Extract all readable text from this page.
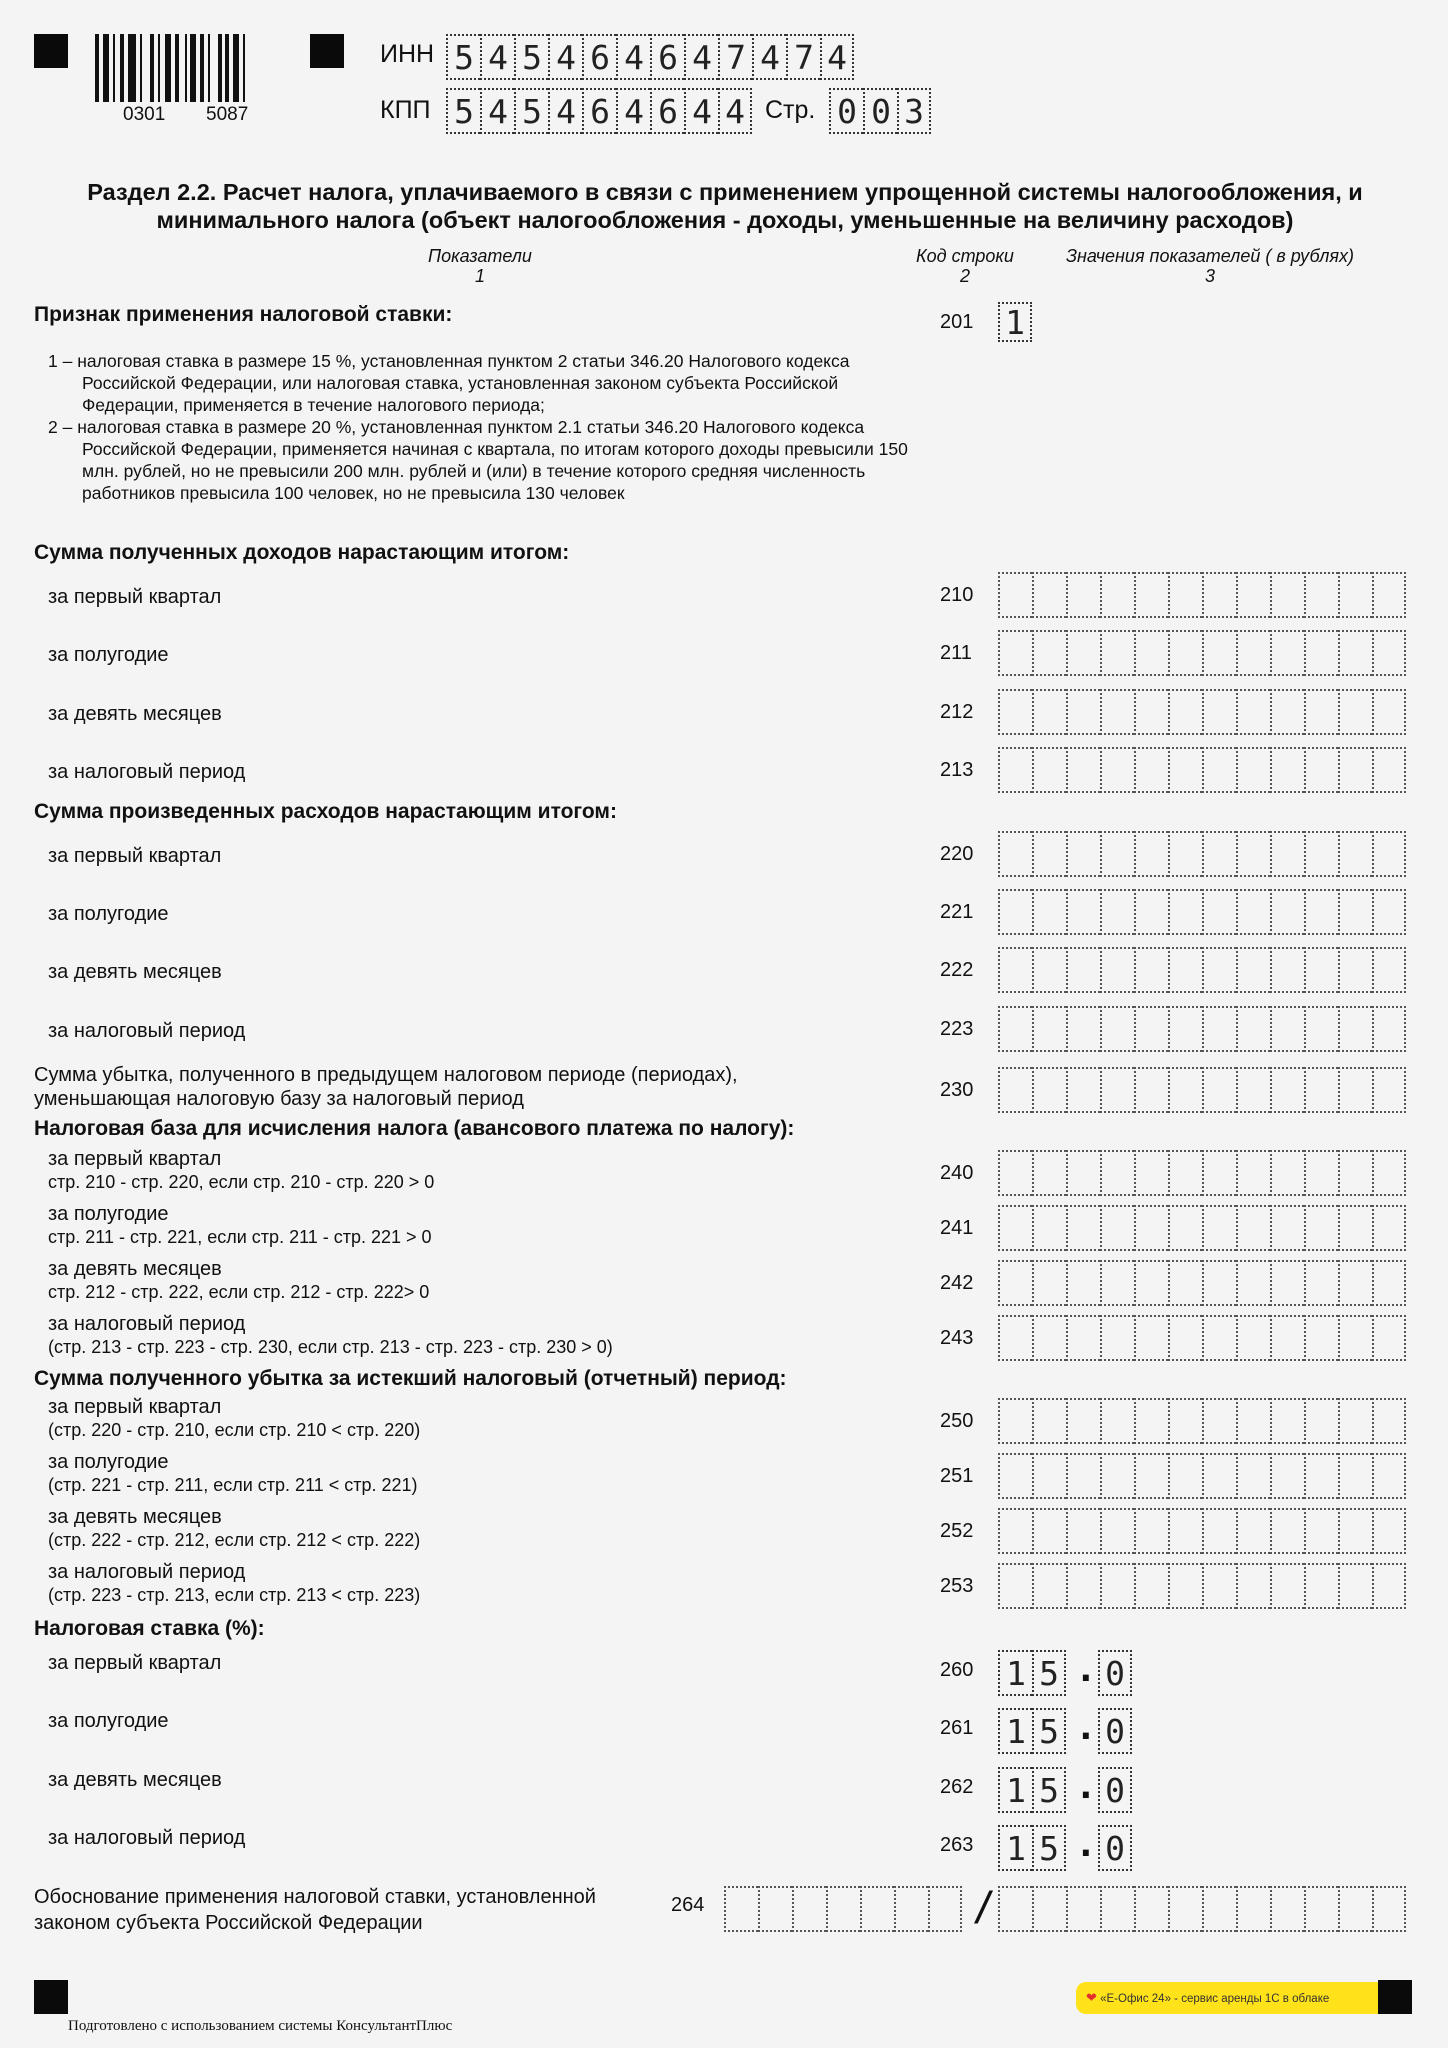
0301 5087
ИНН 5 4 5 4 6 4 6 4 7 4 7 4
КПП 5 4 5 4 6 4 6 4 4 Стр. 0 0 3
Раздел 2.2. Расчет налога, уплачиваемого в связи с применением упрощенной системы налогообложения, и
минимального налога (объект налогообложения - доходы, уменьшенные на величину расходов)
Показатели
1
Код строки
2
Значения показателей ( в рублях)
3
Признак применения налоговой ставки:	201 1
1 – налоговая ставка в размере 15 %, установленная пунктом 2 статьи 346.20 Налогового кодекса Российской Федерации, или налоговая ставка, установленная законом субъекта Российской Федерации, применяется в течение налогового периода;
2 – налоговая ставка в размере 20 %, установленная пунктом 2.1 статьи 346.20 Налогового кодекса Российской Федерации, применяется начиная с квартала, по итогам которого доходы превысили 150 млн. рублей, но не превысили 200 млн. рублей и (или) в течение которого средняя численность работников превысила 100 человек, но не превысила 130 человек
Сумма полученных доходов нарастающим итогом:
за первый квартал	210
за полугодие	211
за девять месяцев	212
за налоговый период	213
Сумма произведенных расходов нарастающим итогом:
за первый квартал	220
за полугодие	221
за девять месяцев	222
за налоговый период	223
Сумма убытка, полученного в предыдущем налоговом периоде (периодах),
уменьшающая налоговую базу за налоговый период	230
Налоговая база для исчисления налога (авансового платежа по налогу):
за первый квартал
стр. 210 - стр. 220, если стр. 210 - стр. 220 > 0	240
за полугодие
стр. 211 - стр. 221, если стр. 211 - стр. 221 > 0	241
за девять месяцев
стр. 212 - стр. 222, если стр. 212 - стр. 222> 0	242
за налоговый период
(стр. 213 - стр. 223 - стр. 230, если стр. 213 - стр. 223 - стр. 230 > 0)	243
Сумма полученного убытка за истекший налоговый (отчетный) период:
за первый квартал
(стр. 220 - стр. 210, если стр. 210 < стр. 220)	250
за полугодие
(стр. 221 - стр. 211, если стр. 211 < стр. 221)	251
за девять месяцев
(стр. 222 - стр. 212, если стр. 212 < стр. 222)	252
за налоговый период
(стр. 223 - стр. 213, если стр. 213 < стр. 223)	253
Налоговая ставка (%):
за первый квартал	260 1 5 . 0
за полугодие	261 1 5 . 0
за девять месяцев	262 1 5 . 0
за налоговый период	263 1 5 . 0
Обоснование применения налоговой ставки, установленной
законом субъекта Российской Федерации
264	/
❤ «Е-Офис 24» - сервис аренды 1С в облаке
Подготовлено с использованием системы КонсультантПлюс
